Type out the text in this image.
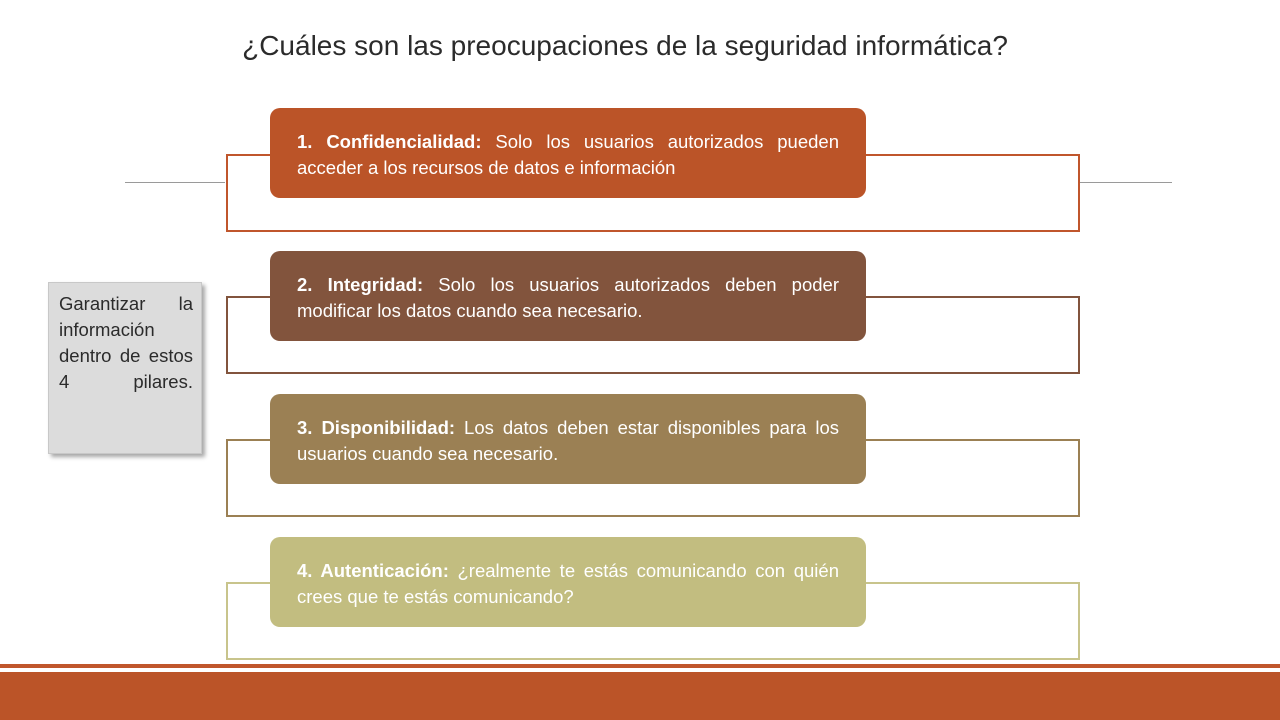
¿Cuáles son las preocupaciones de la seguridad informática?
Garantizar la información dentro de estos 4 pilares.

1. Confidencialidad: Solo los usuarios autorizados pueden acceder a los recursos de datos e información

2. Integridad: Solo los usuarios autorizados deben poder modificar los datos cuando sea necesario.

3. Disponibilidad: Los datos deben estar disponibles para los usuarios cuando sea necesario.

4. Autenticación: ¿realmente te estás comunicando con quién crees que te estás comunicando?
